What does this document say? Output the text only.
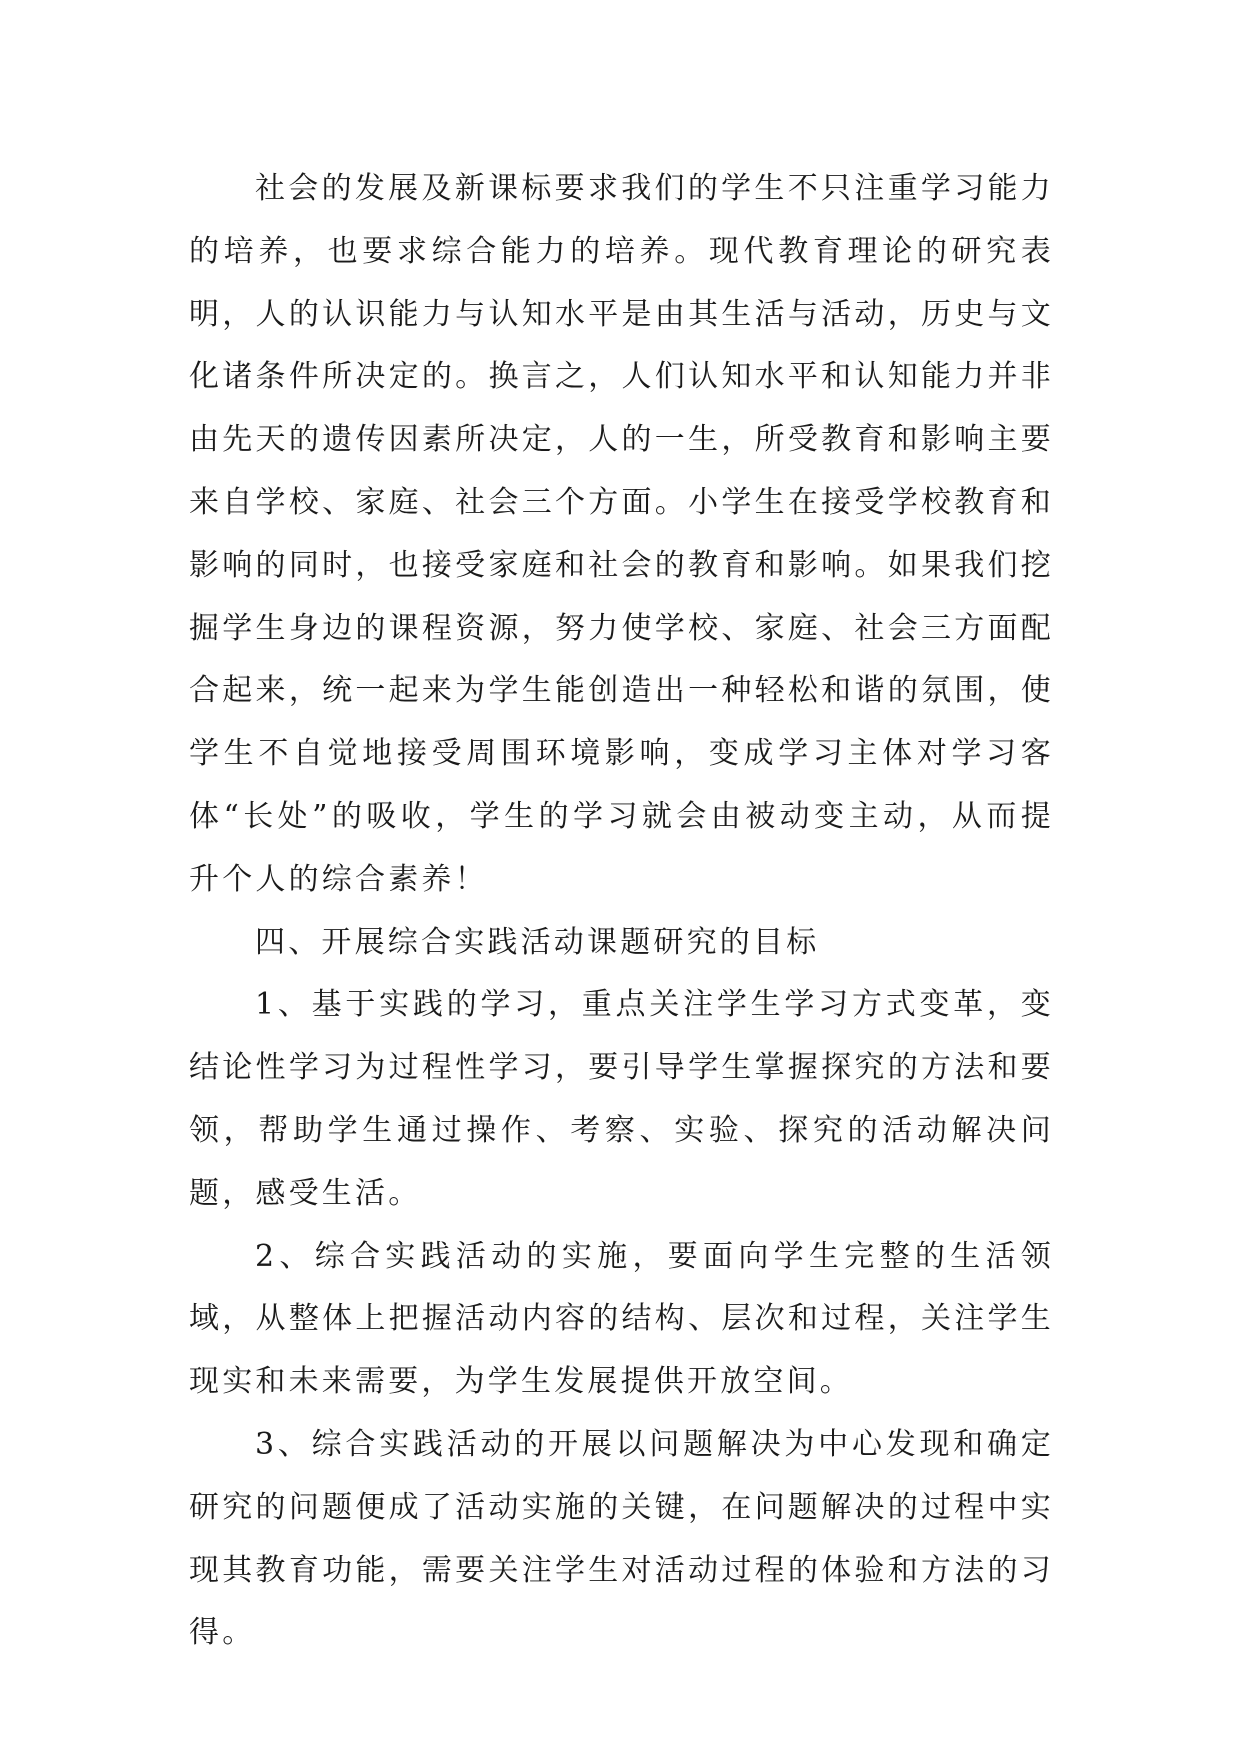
社会的发展及新课标要求我们的学生不只注重学习能力的培养，也要求综合能力的培养。现代教育理论的研究表明，人的认识能力与认知水平是由其生活与活动，历史与文化诸条件所决定的。换言之，人们认知水平和认知能力并非由先天的遗传因素所决定，人的一生，所受教育和影响主要来自学校、家庭、社会三个方面。小学生在接受学校教育和影响的同时，也接受家庭和社会的教育和影响。如果我们挖掘学生身边的课程资源，努力使学校、家庭、社会三方面配合起来，统一起来为学生能创造出一种轻松和谐的氛围，使学生不自觉地接受周围环境影响，变成学习主体对学习客体“长处”的吸收，学生的学习就会由被动变主动，从而提升个人的综合素养！

四、开展综合实践活动课题研究的目标

1、基于实践的学习，重点关注学生学习方式变革，变结论性学习为过程性学习，要引导学生掌握探究的方法和要领，帮助学生通过操作、考察、实验、探究的活动解决问题，感受生活。

2、综合实践活动的实施，要面向学生完整的生活领域，从整体上把握活动内容的结构、层次和过程，关注学生现实和未来需要，为学生发展提供开放空间。

3、综合实践活动的开展以问题解决为中心发现和确定研究的问题便成了活动实施的关键，在问题解决的过程中实现其教育功能，需要关注学生对活动过程的体验和方法的习得。
